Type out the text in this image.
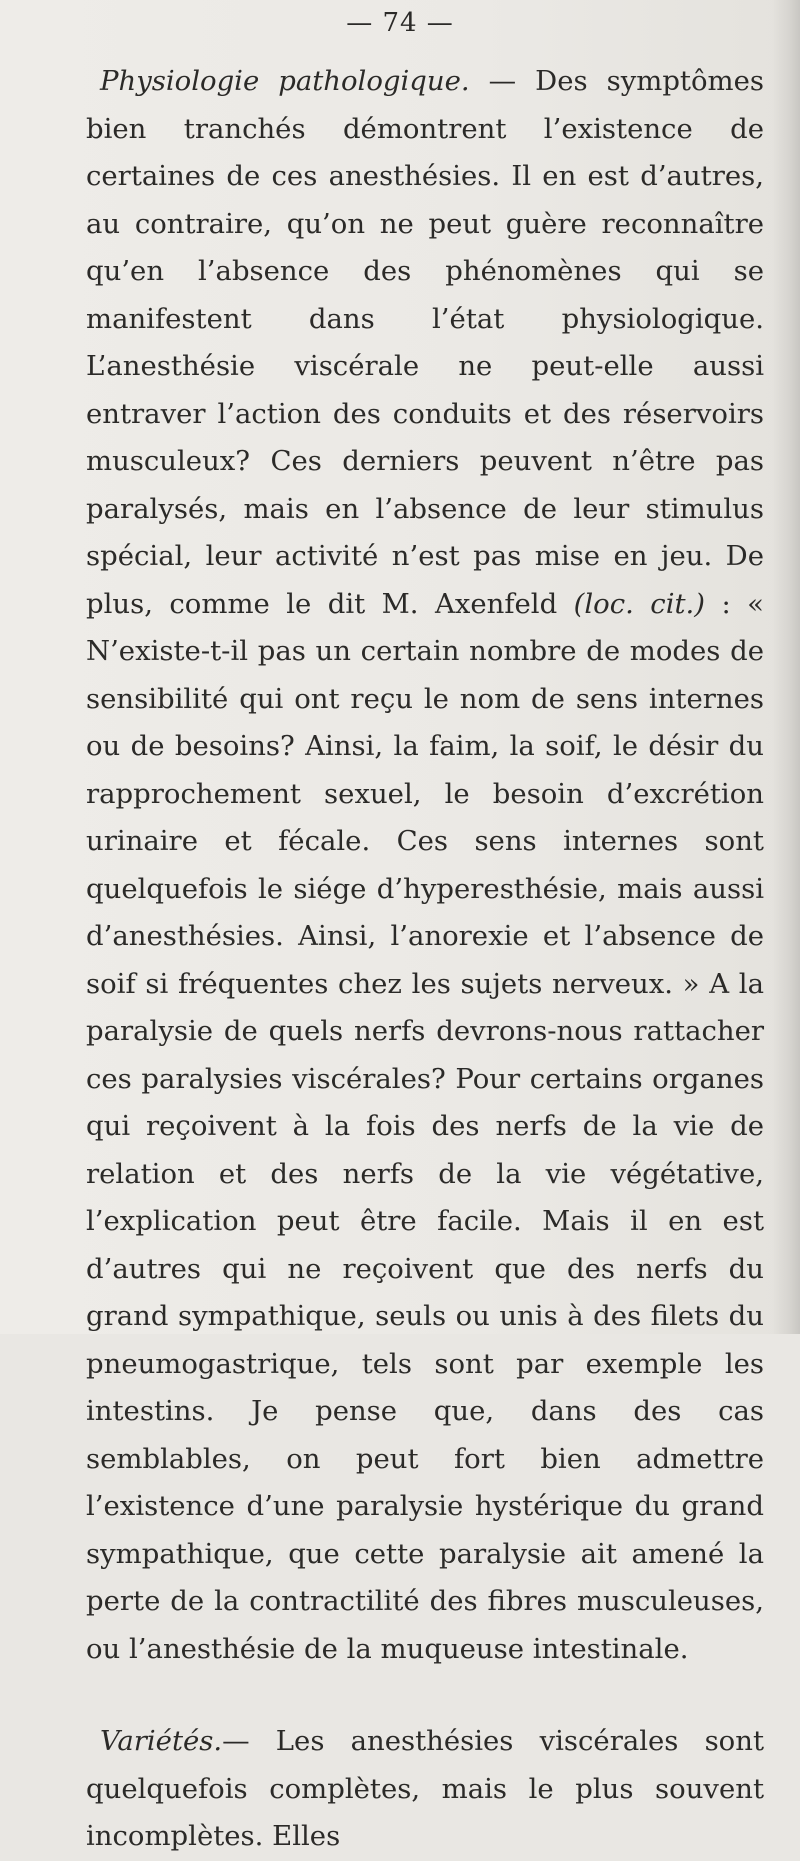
— 74 —

Physiologie pathologique. — Des symptômes bien tranchés démontrent l’existence de certaines de ces anesthésies. Il en est d’autres, au contraire, qu’on ne peut guère reconnaître qu’en l’absence des phénomènes qui se manifestent dans l’état physiologique. L’anesthésie viscérale ne peut-elle aussi entraver l’action des conduits et des réservoirs musculeux? Ces derniers peuvent n’être pas paralysés, mais en l’absence de leur stimulus spécial, leur activité n’est pas mise en jeu. De plus, comme le dit M. Axenfeld (loc. cit.) : « N’existe-t-il pas un certain nombre de modes de sensibilité qui ont reçu le nom de sens internes ou de besoins? Ainsi, la faim, la soif, le désir du rapprochement sexuel, le besoin d’excrétion urinaire et fécale. Ces sens internes sont quelquefois le siége d’hyperesthésie, mais aussi d’anesthésies. Ainsi, l’anorexie et l’absence de soif si fréquentes chez les sujets nerveux. » A la paralysie de quels nerfs devrons-nous rattacher ces paralysies viscérales? Pour certains organes qui reçoivent à la fois des nerfs de la vie de relation et des nerfs de la vie végétative, l’explication peut être facile. Mais il en est d’autres qui ne reçoivent que des nerfs du grand sympathique, seuls ou unis à des filets du pneumogastrique, tels sont par exemple les intestins. Je pense que, dans des cas semblables, on peut fort bien admettre l’existence d’une paralysie hystérique du grand sympathique, que cette paralysie ait amené la perte de la contractilité des fibres musculeuses, ou l’anesthésie de la muqueuse intestinale.

Variétés.— Les anesthésies viscérales sont quelquefois complètes, mais le plus souvent incomplètes. Elles
